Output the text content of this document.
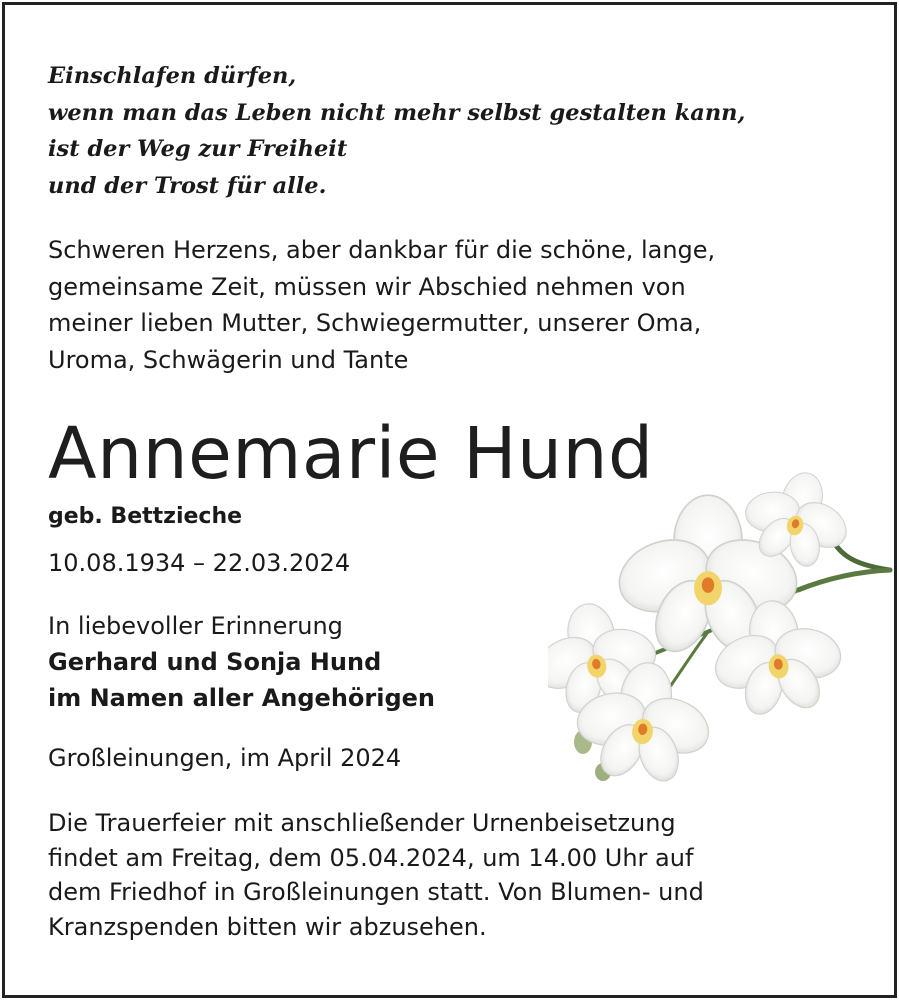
Einschlafen dürfen,
wenn man das Leben nicht mehr selbst gestalten kann,
ist der Weg zur Freiheit
und der Trost für alle.
Schweren Herzens, aber dankbar für die schöne, lange,
gemeinsame Zeit, müssen wir Abschied nehmen von
meiner lieben Mutter, Schwiegermutter, unserer Oma,
Uroma, Schwägerin und Tante
Annemarie Hund
geb. Bettzieche
10.08.1934 – 22.03.2024
In liebevoller Erinnerung
Gerhard und Sonja Hund
im Namen aller Angehörigen
Großleinungen, im April 2024
Die Trauerfeier mit anschließender Urnenbeisetzung
findet am Freitag, dem 05.04.2024, um 14.00 Uhr auf
dem Friedhof in Großleinungen statt. Von Blumen- und
Kranzspenden bitten wir abzusehen.
